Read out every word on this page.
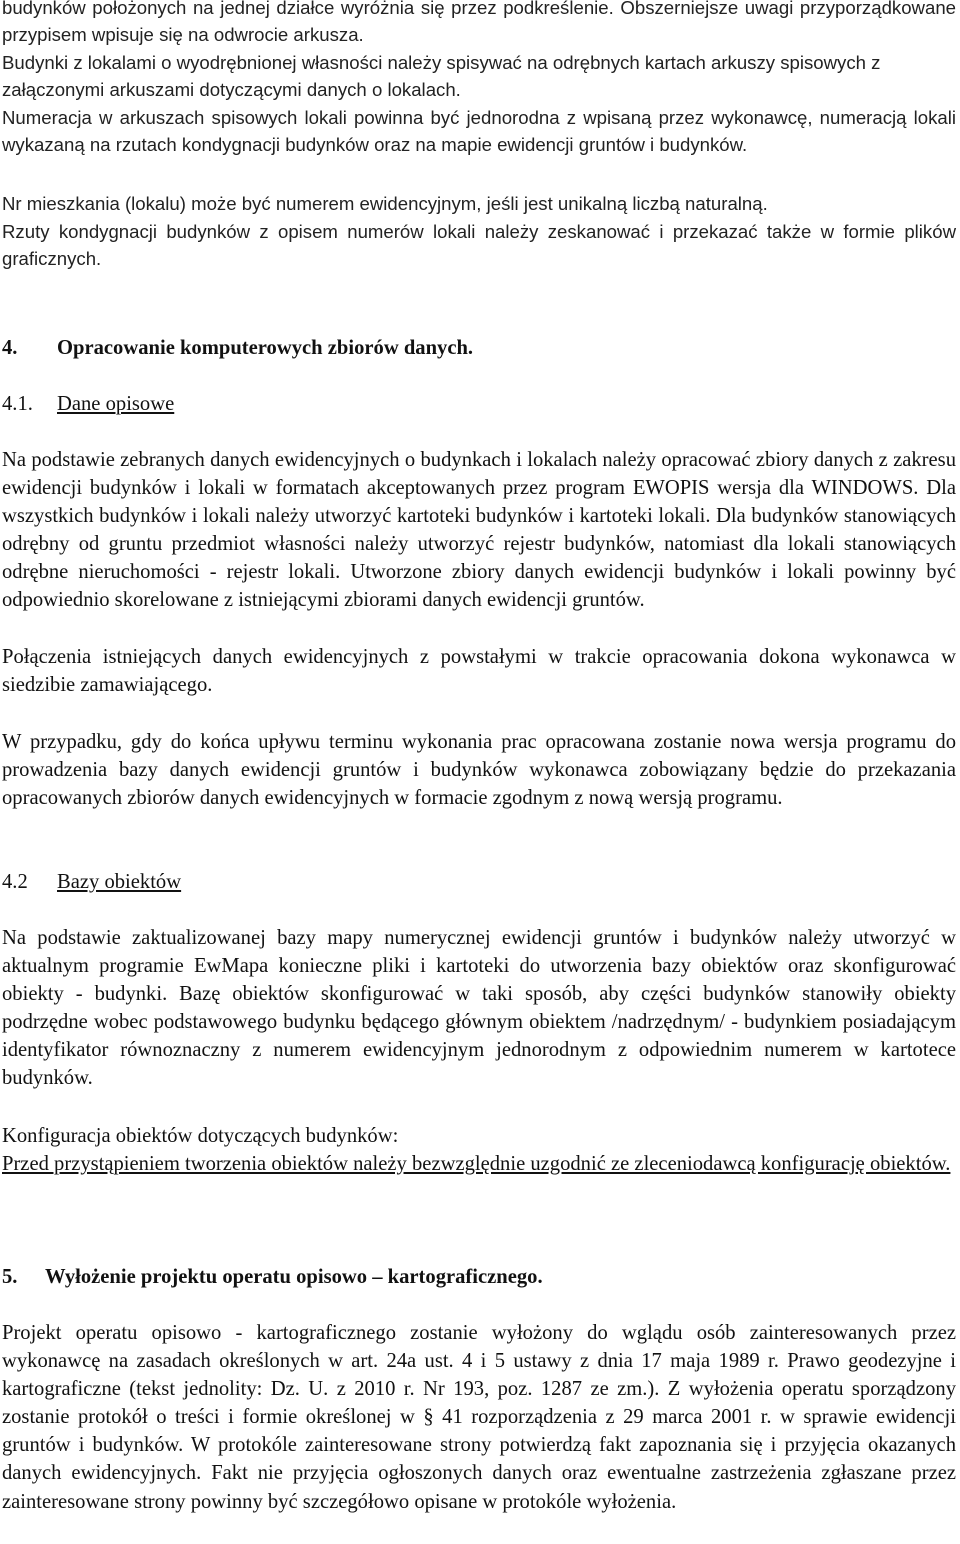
budynków położonych na jednej działce wyróżnia się przez podkreślenie. Obszerniejsze uwagi przyporządkowane przypisem wpisuje się na odwrocie arkusza.

Budynki z lokalami o wyodrębnionej własności należy spisywać na odrębnych kartach arkuszy spisowych z załączonymi arkuszami dotyczącymi danych o lokalach.

Numeracja w arkuszach spisowych lokali powinna być jednorodna z wpisaną przez wykonawcę, numeracją lokali wykazaną na rzutach kondygnacji budynków oraz na mapie ewidencji gruntów i budynków.

Nr mieszkania (lokalu) może być numerem ewidencyjnym, jeśli jest unikalną liczbą naturalną.

Rzuty kondygnacji budynków z opisem numerów lokali należy zeskanować i przekazać także w formie plików graficznych.

4. Opracowanie komputerowych zbiorów danych.
4.1. Dane opisowe

Na podstawie zebranych danych ewidencyjnych o budynkach i lokalach należy opracować zbiory danych z zakresu ewidencji budynków i lokali w formatach akceptowanych przez program EWOPIS wersja dla WINDOWS. Dla wszystkich budynków i lokali należy utworzyć kartoteki budynków i kartoteki lokali. Dla budynków stanowiących odrębny od gruntu przedmiot własności należy utworzyć rejestr budynków, natomiast dla lokali stanowiących odrębne nieruchomości - rejestr lokali. Utworzone zbiory danych ewidencji budynków i lokali powinny być odpowiednio skorelowane z istniejącymi zbiorami danych ewidencji gruntów.

Połączenia istniejących danych ewidencyjnych z powstałymi w trakcie opracowania dokona wykonawca w siedzibie zamawiającego.

W przypadku, gdy do końca upływu terminu wykonania prac opracowana zostanie nowa wersja programu do prowadzenia bazy danych ewidencji gruntów i budynków wykonawca zobowiązany będzie do przekazania opracowanych zbiorów danych ewidencyjnych w formacie zgodnym z nową wersją programu.

4.2 Bazy obiektów

Na podstawie zaktualizowanej bazy mapy numerycznej ewidencji gruntów i budynków należy utworzyć w aktualnym programie EwMapa konieczne pliki i kartoteki do utworzenia bazy obiektów oraz skonfigurować obiekty - budynki. Bazę obiektów skonfigurować w taki sposób, aby części budynków stanowiły obiekty podrzędne wobec podstawowego budynku będącego głównym obiektem /nadrzędnym/ - budynkiem posiadającym identyfikator równoznaczny z numerem ewidencyjnym jednorodnym z odpowiednim numerem w kartotece budynków.

Konfiguracja obiektów dotyczących budynków:

Przed przystąpieniem tworzenia obiektów należy bezwzględnie uzgodnić ze zleceniodawcą konfigurację obiektów.

5. Wyłożenie projektu operatu opisowo – kartograficznego.

Projekt operatu opisowo - kartograficznego zostanie wyłożony do wglądu osób zainteresowanych przez wykonawcę na zasadach określonych w art. 24a ust. 4 i 5 ustawy z dnia 17 maja 1989 r. Prawo geodezyjne i kartograficzne (tekst jednolity: Dz. U. z 2010 r. Nr 193, poz. 1287 ze zm.). Z wyłożenia operatu sporządzony zostanie protokół o treści i formie określonej w § 41 rozporządzenia z 29 marca 2001 r. w sprawie ewidencji gruntów i budynków. W protokóle zainteresowane strony potwierdzą fakt zapoznania się i przyjęcia okazanych danych ewidencyjnych. Fakt nie przyjęcia ogłoszonych danych oraz ewentualne zastrzeżenia zgłaszane przez zainteresowane strony powinny być szczegółowo opisane w protokóle wyłożenia.
